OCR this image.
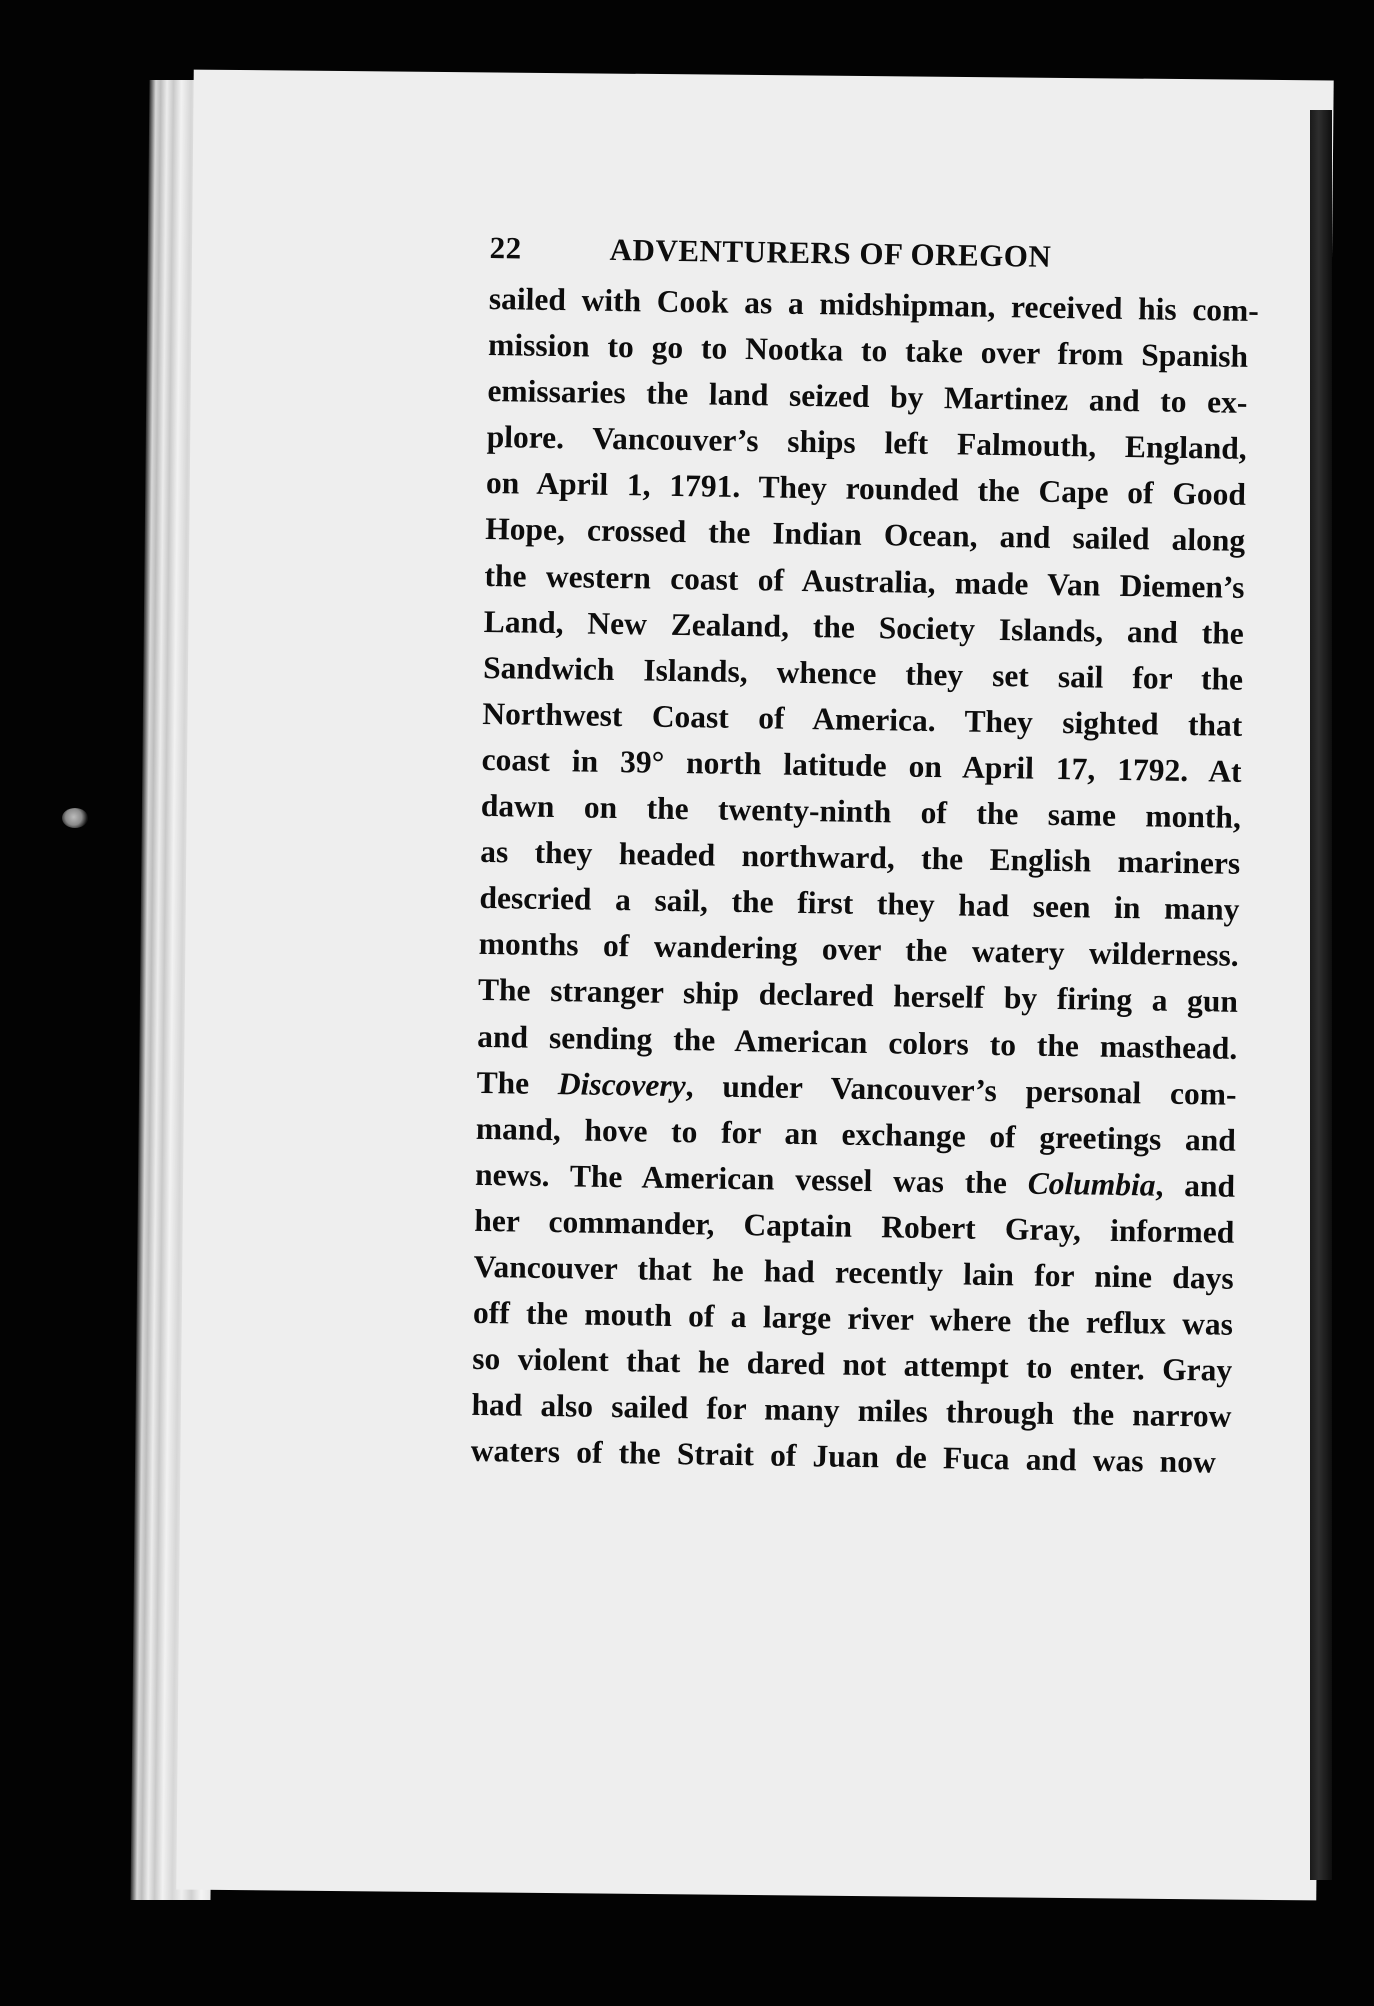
22	ADVENTURERS OF OREGON
sailed with Cook as a midshipman, received his com-
mission to go to Nootka to take over from Spanish
emissaries the land seized by Martinez and to ex-
plore. Vancouver’s ships left Falmouth, England,
on April 1, 1791. They rounded the Cape of Good
Hope, crossed the Indian Ocean, and sailed along
the western coast of Australia, made Van Diemen’s
Land, New Zealand, the Society Islands, and the
Sandwich Islands, whence they set sail for the
Northwest Coast of America. They sighted that
coast in 39° north latitude on April 17, 1792. At
dawn on the twenty-ninth of the same month,
as they headed northward, the English mariners
descried a sail, the first they had seen in many
months of wandering over the watery wilderness.
The stranger ship declared herself by firing a gun
and sending the American colors to the masthead.
The Discovery, under Vancouver’s personal com-
mand, hove to for an exchange of greetings and
news. The American vessel was the Columbia, and
her commander, Captain Robert Gray, informed
Vancouver that he had recently lain for nine days
off the mouth of a large river where the reflux was
so violent that he dared not attempt to enter. Gray
had also sailed for many miles through the narrow
waters of the Strait of Juan de Fuca and was now
